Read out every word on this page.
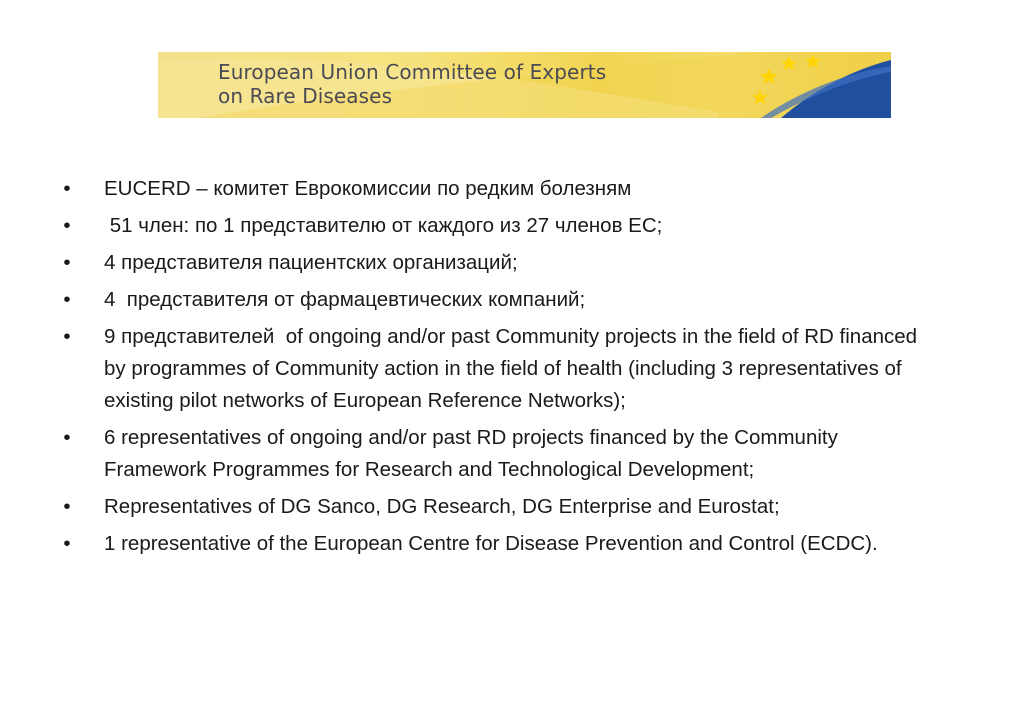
European Union Committee of Experts
on Rare Diseases
• EUCERD – комитет Еврокомиссии по редким болезням
• 51 член: по 1 представителю от каждого из 27 членов ЕС;
• 4 представителя пациентских организаций;
• 4  представителя от фармацевтических компаний;
• 9 представителей  of ongoing and/or past Community projects in the field of RD financed by programmes of Community action in the field of health (including 3 representatives of existing pilot networks of European Reference Networks);
• 6 representatives of ongoing and/or past RD projects financed by the Community Framework Programmes for Research and Technological Development;
• Representatives of DG Sanco, DG Research, DG Enterprise and Eurostat;
• 1 representative of the European Centre for Disease Prevention and Control (ECDC).
